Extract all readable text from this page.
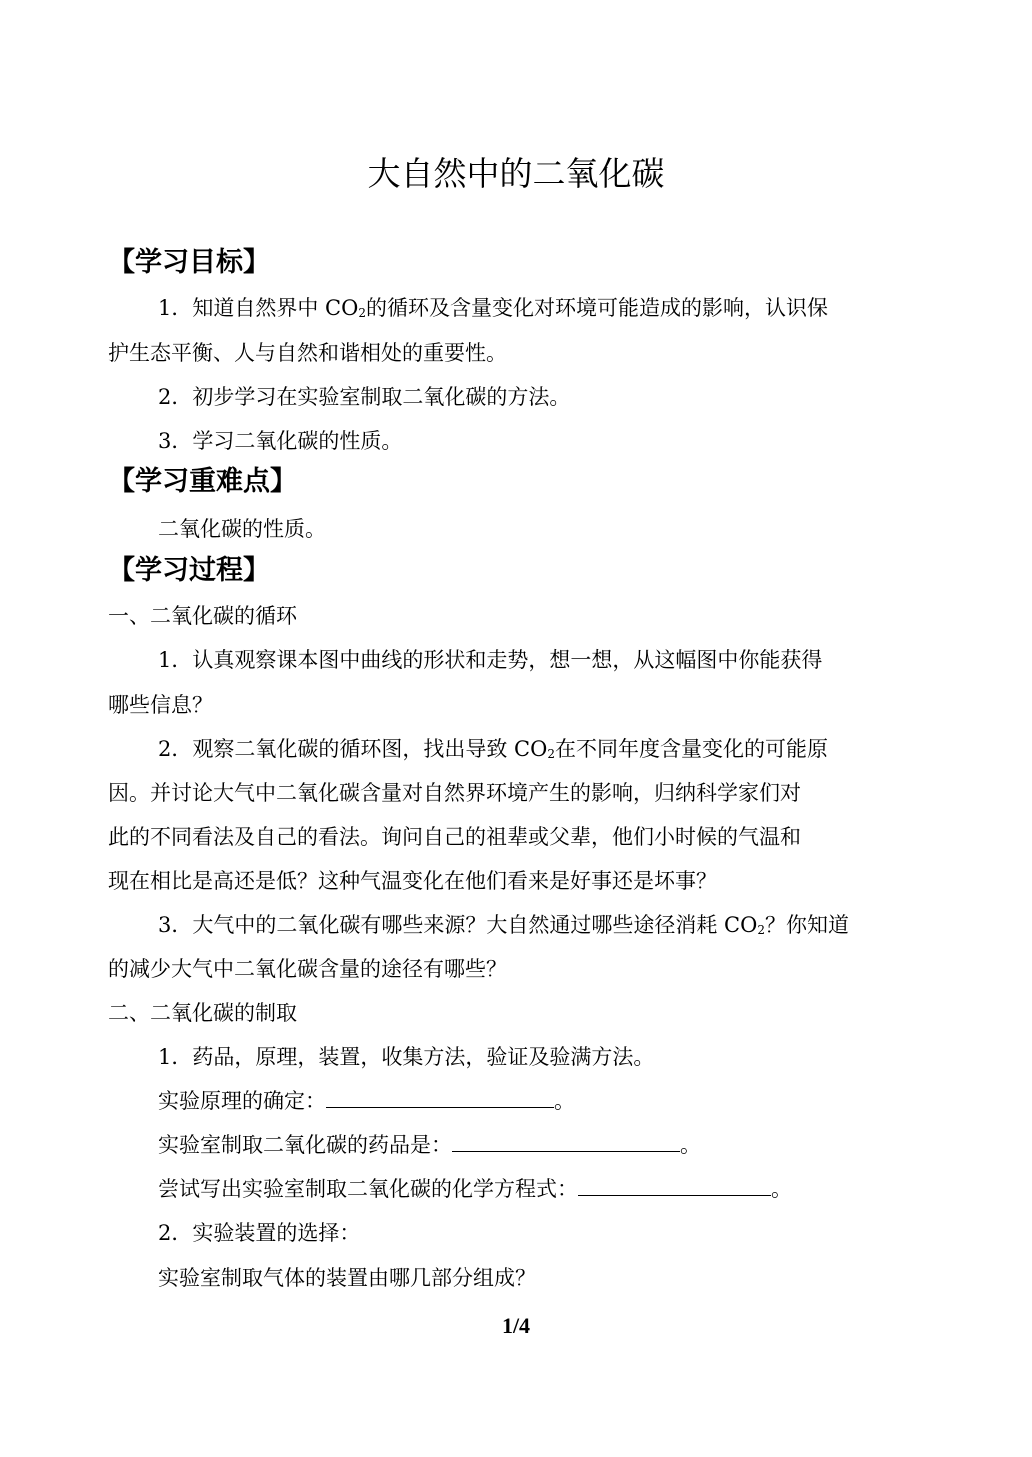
大自然中的二氧化碳
【学习目标】
1．知道自然界中 $CO_2$的循环及含量变化对环境可能造成的影响，认识保
护生态平衡、人与自然和谐相处的重要性。
2．初步学习在实验室制取二氧化碳的方法。
3．学习二氧化碳的性质。
【学习重难点】
二氧化碳的性质。
【学习过程】
一、二氧化碳的循环
1．认真观察课本图中曲线的形状和走势，想一想，从这幅图中你能获得
哪些信息？
2．观察二氧化碳的循环图，找出导致 $CO_2$在不同年度含量变化的可能原
因。并讨论大气中二氧化碳含量对自然界环境产生的影响，归纳科学家们对
此的不同看法及自己的看法。询问自己的祖辈或父辈，他们小时候的气温和
现在相比是高还是低？这种气温变化在他们看来是好事还是坏事？
3．大气中的二氧化碳有哪些来源？大自然通过哪些途径消耗 $CO_2$？你知道
的减少大气中二氧化碳含量的途径有哪些？
二、二氧化碳的制取
1．药品，原理，装置，收集方法，验证及验满方法。
实验原理的确定：	。
实验室制取二氧化碳的药品是：	。
尝试写出实验室制取二氧化碳的化学方程式：	。
2．实验装置的选择：
实验室制取气体的装置由哪几部分组成？
1/4
